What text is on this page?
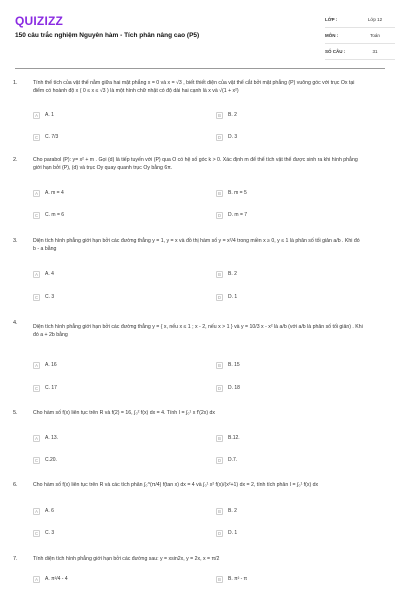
QUIZIZZ
150 câu trắc nghiệm Nguyên hàm - Tích phân nâng cao (P5)
LỚP :	Lớp 12
MÔN :	Toán
SỐ CÂU :	31
1.	Tính thể tích của vật thể nằm giữa hai mặt phẳng x = 0 và x = √3 , biết thiết diện của vật thể cắt bởi mặt phẳng (P) vuông góc với trục Ox tại điểm có hoành độ x ( 0 ≤ x ≤ √3 ) là một hình chữ nhật có độ dài hai cạnh là x và √(1 + x²)
A	A. 1	B	B. 2
C	C. 7/3	D	D. 3
2.	Cho parabol (P): y= x² + m . Gọi (d) là tiếp tuyến với (P) qua O có hệ số góc k > 0. Xác định m để thể tích vật thể được sinh ra khi hình phẳng giới hạn bởi (P), (d) và trục Oy quay quanh trục Oy bằng 6π.
A	A. m = 4	B	B. m = 5
C	C. m = 6	D	D. m = 7
3.	Diện tích hình phẳng giới hạn bởi các đường thẳng y = 1, y = x và đồ thị hàm số y = x²/4 trong miền x ≥ 0, y ≤ 1 là phân số tối giản a/b . Khi đó b - a bằng
A	A. 4	B	B. 2
C	C. 3	D	D. 1
4.
Diện tích hình phẳng giới hạn bởi các đường thẳng y = { x, nếu x ≤ 1 ; x - 2, nếu x > 1 } và y = 10/3 x - x² là a/b (với a/b là phân số tối giản) . Khi đó a + 2b bằng
A	A. 16	B	B. 15
C	C. 17	D	D. 18
5.	Cho hàm số f(x) liên tục trên R và f(2) = 16, ∫₀² f(x) dx = 4. Tính I = ∫₀¹ x f'(2x) dx
A	A. 13.	B	B.12.
C	C.20.	D	D.7.
6.	Cho hàm số f(x) liên tục trên R và các tích phân ∫₀^(π/4) f(tan x) dx = 4 và ∫₀¹ x² f(x)/(x²+1) dx = 2, tính tích phân I = ∫₀¹ f(x) dx
A	A. 6	B	B. 2
C	C. 3	D	D. 1
7.	Tính diện tích hình phẳng giới hạn bởi các đường sau: y = xsin2x, y = 2x, x = π/2
A	A. π²/4 - 4	B	B. π² - π
